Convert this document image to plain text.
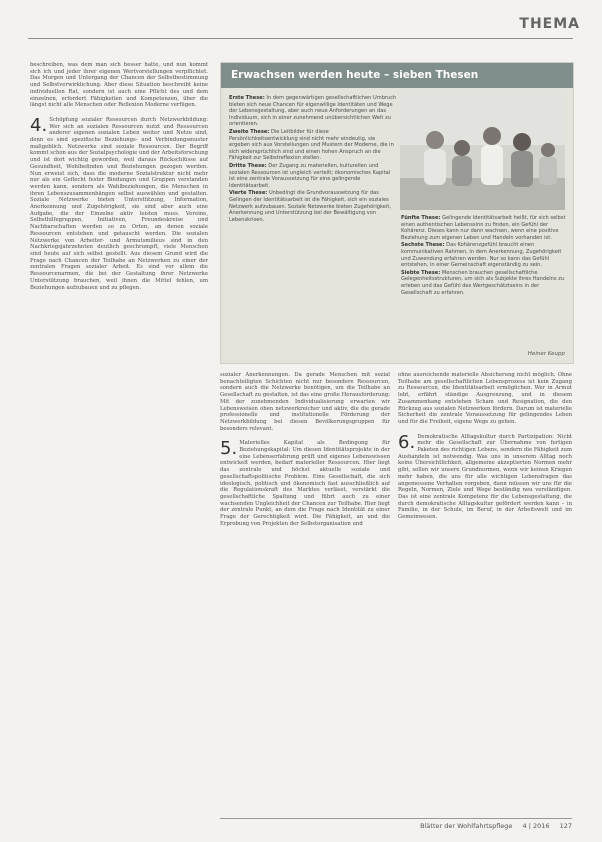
THEMA

beschreiben, was dem man sich besser hatte, und nun kommt sich ich und jeder ihrer eigenen Wertvorstellungen verpflichtet. Das Morgen und Untergang der Chancen der Selbstbestimmung und Selbstverwirklichung. Aber diese Situation beschreibt keine individuellen Rat, sondern ist auch eine Pflicht des und dem einzelnen, erfordert Fähigkeiten und Kompetenzen, über die längst nicht alle Menschen oder Reflexion Moderne verfügen.

4. Schöpfung sozialer Ressourcen durch Netzwerkbildung: Wer sich an sozialen Ressourcen nutzt und Ressourcen anderer eigenen sozialen Leben weiter und Netze sind, denn es sind spezifische Beziehungs- und Verbindungsmuster maßgeblich. Netzwerke sind soziale Ressourcen. Der Begriff kommt schon aus der Sozialpsychologie und der Arbeitsforschung und ist dort wichtig geworden, weil daraus Rückschlüsse auf Gesundheit, Wohlbefinden und Beziehungen gezogen werden. Nun erweist sich, dass die moderne Sozialstruktur nicht mehr nur als ein Geflecht fester Bindungen und Gruppen verstanden werden kann, sondern als Wahlbeziehungen, die Menschen in ihren Lebenszusammenhängen selbst auswählen und gestalten. Soziale Netzwerke bieten Unterstützung, Information, Anerkennung und Zugehörigkeit, sie sind aber auch eine Aufgabe, die der Einzelne aktiv leisten muss. Vereine, Selbsthilfegruppen, Initiativen, Freundeskreise und Nachbarschaften werden so zu Orten, an denen soziale Ressourcen entstehen und getauscht werden. Die sozialen Netzwerke von Arbeiter- und Armutsmilieus sind in den Nachkriegsjahrzehnten deutlich geschrumpft, viele Menschen sind heute auf sich selbst gestellt. Aus diesem Grund wird die Frage nach Chancen der Teilhabe an Netzwerken zu einer der zentralen Fragen sozialer Arbeit. Es sind vor allem die Ressourcenarmen, die bei der Gestaltung ihrer Netzwerke Unterstützung brauchen, weil ihnen die Mittel fehlen, um Beziehungen aufzubauen und zu pflegen.

Erwachsen werden heute – sieben Thesen

Erste These: In dem gegenwärtigen gesellschaftlichen Umbruch bieten sich neue Chancen für eigenwillige Identitäten und Wege der Lebensgestaltung, aber auch neue Anforderungen an das Individuum, sich in einer zunehmend unübersichtlichen Welt zu orientieren.

Zweite These: Die Leitbilder für diese Persönlichkeitsentwicklung sind nicht mehr eindeutig, sie ergeben sich aus Vorstellungen und Mustern der Moderne, die in sich widersprüchlich sind und einen hohen Anspruch an die Fähigkeit zur Selbstreflexion stellen.

Dritte These: Der Zugang zu materiellen, kulturellen und sozialen Ressourcen ist ungleich verteilt; ökonomisches Kapital ist eine zentrale Voraussetzung für eine gelingende Identitätsarbeit.

Vierte These: Unbedingt die Grundvoraussetzung für das Gelingen der Identitätsarbeit ist die Fähigkeit, sich ein soziales Netzwerk aufzubauen. Soziale Netzwerke bieten Zugehörigkeit, Anerkennung und Unterstützung bei der Bewältigung von Lebenskrisen.	Fünfte These: Gelingende Identitätsarbeit heißt, für sich selbst einen authentischen Lebenssinn zu finden, ein Gefühl der Kohärenz. Dieses kann nur dann wachsen, wenn eine positive Beziehung zum eigenen Leben und Handeln vorhanden ist.

Sechste These: Das Kohärenzgefühl braucht einen kommunikativen Rahmen, in dem Anerkennung, Zugehörigkeit und Zuwendung erfahren werden. Nur so kann das Gefühl entstehen, in einer Gemeinschaft eigenständig zu sein.

Siebte These: Menschen brauchen gesellschaftliche Gelegenheitsstrukturen, um sich als Subjekte ihres Handelns zu erleben und das Gefühl des Wertgeschätztseins in der Gesellschaft zu erfahren.

Heiner Keupp

sozialer Anerkennungen. Da gerade Menschen mit sozial benachteiligten Schichten nicht nur besondere Ressourcen, sondern auch die Netzwerke benötigen, um die Teilhabe an Gesellschaft zu gestalten, ist das eine große Herausforderung: Mit der zunehmenden Individualisierung erwarten wir Lebensweisen oben netzwerkreicher und aktiv, die die gerade professionelle und institutionelle Förderung der Netzwerkbildung bei diesen Bevölkerungsgruppen für besonders relevant.

5. Materielles Kapital als Bedingung für Beziehungskapital: Um diesen Identitätsprojekte in der eine Lebenserfahrung prüft und eigenes Lebenswissen entwickelt werden, bedarf materieller Ressourcen. Hier liegt das zentrale und höchst aktuelle soziale und gesellschaftspolitische Problem. Eine Gesellschaft, die sich ideologisch, politisch und ökonomisch fast ausschließlich auf die Regulationskraft des Marktes verlässt, verstärkt die gesellschaftliche Spaltung und führt auch zu einer wachsenden Ungleichheit der Chancen zur Teilhabe. Hier liegt der zentrale Punkt, an dem die Frage nach Identität zu einer Frage der Gerechtigkeit wird. Die Fähigkeit, an und die Erprobung von Projekten der Selbstorganisation und

ohne ausreichende materielle Absicherung nicht möglich. Ohne Teilhabe am gesellschaftlichen Lebensprozess ist kein Zugang zu Ressourcen, die Identitätsarbeit ermöglichen. Wer in Armut lebt, erfährt ständige Ausgrenzung, und in diesem Zusammenhang entstehen Scham und Resignation, die den Rückzug aus sozialen Netzwerken fördern. Darum ist materielle Sicherheit die zentrale Voraussetzung für gelingendes Leben und für die Freiheit, eigene Wege zu gehen.

6. Demokratische Alltagskultur durch Partizipation: Nicht mehr die Gesellschaft zur Übernahme von fertigen Paketen des richtigen Lebens, sondern die Fähigkeit zum Aushandeln ist notwendig. Was uns in unserem Alltag noch keine Übersichtlichkeit, allgemeine akzeptierten Normen mehr gibt, sollen wir unsere Grundnormen, wenn wir keinen Kriegen mehr haben, die uns für alle wichtigen Lebensfragen das angemessene Verhalten vorgeben, dann müssen wir uns für die Regeln, Normen, Ziele und Wege beständig neu verständigen. Das ist eine zentrale Kompetenz für die Lebensgestaltung, die durch demokratische Alltagskultur gefördert werden kann – in Familie, in der Schule, im Beruf, in der Arbeitswelt und im Gemeinwesen.

Blätter der Wohlfahrtspflege 4 | 2016 127
